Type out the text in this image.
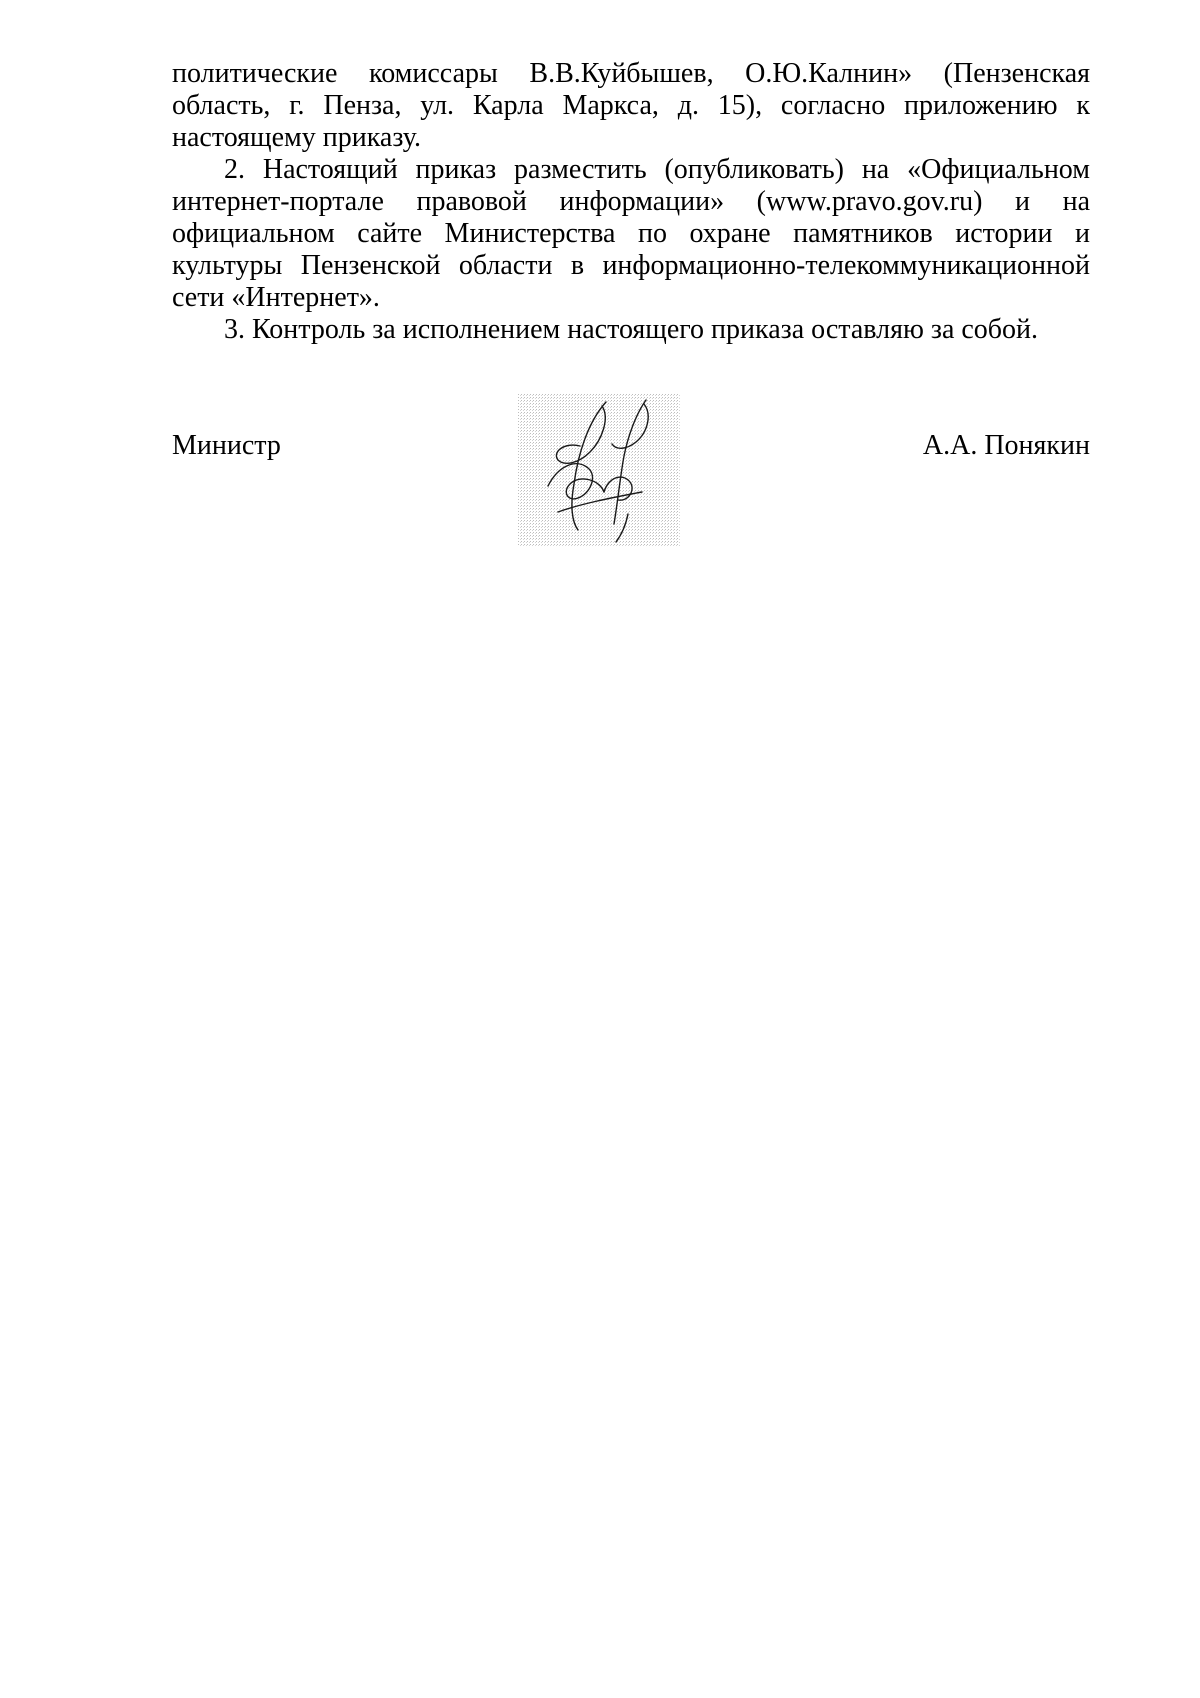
политические комиссары В.В.Куйбышев, О.Ю.Калнин» (Пензенская область, г. Пенза, ул. Карла Маркса, д. 15), согласно приложению к настоящему приказу.

2. Настоящий приказ разместить (опубликовать) на «Официальном интернет-портале правовой информации» (www.pravo.gov.ru) и на официальном сайте Министерства по охране памятников истории и культуры Пензенской области в информационно-телекоммуникационной сети «Интернет».

3. Контроль за исполнением настоящего приказа оставляю за собой.

Министр	А.А. Понякин
